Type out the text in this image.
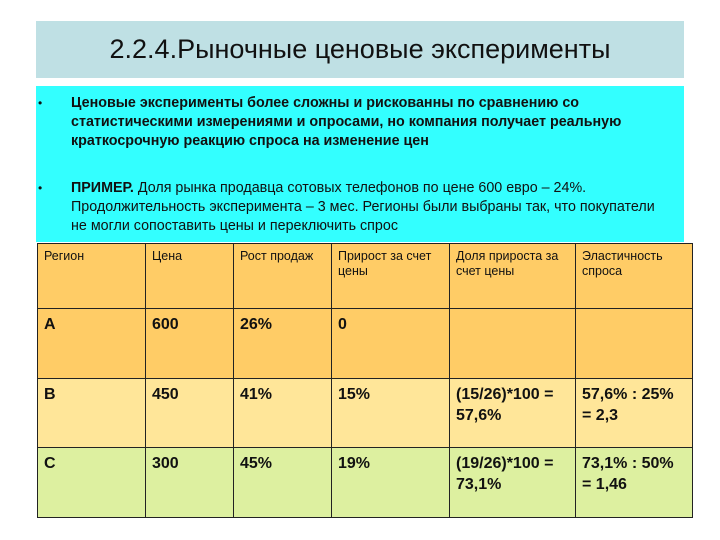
2.2.4.Рыночные ценовые эксперименты
• Ценовые эксперименты более сложны и рискованны по сравнению со статистическими измерениями и опросами, но компания получает реальную краткосрочную реакцию спроса на изменение цен
• ПРИМЕР. Доля рынка продавца сотовых телефонов по цене 600 евро – 24%. Продолжительность эксперимента – 3 мес. Регионы были выбраны так, что покупатели не могли сопоставить цены и переключить спрос
Регион	Цена	Рост продаж	Прирост за счет цены	Доля прироста за счет цены	Эластичность спроса
A	600	26%	0		
B	450	41%	15%	(15/26)*100 = 57,6%	57,6% : 25% = 2,3
C	300	45%	19%	(19/26)*100 = 73,1%	73,1% : 50% = 1,46
